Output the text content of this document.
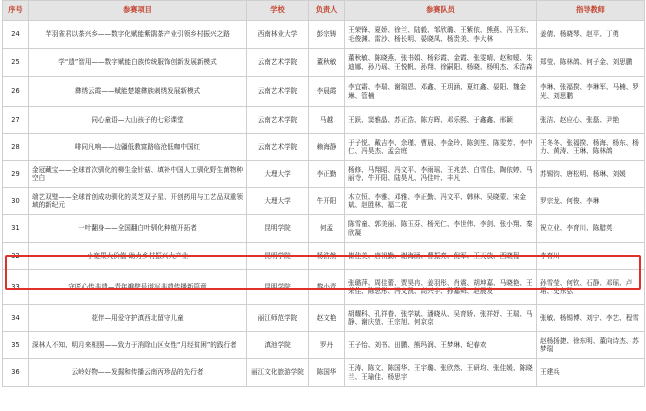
序号	参赛项目	学校	负责人	参赛队员	指导教师
24	芊羽雀君以茶兴乡——数字化赋能紫鹃茶产业引领乡村振兴之路	西南林业大学	彭宗铸	王荣锋、夏娇、徐兰、陆毅、邹欣璐、王紫依、熊燕、冯玉东、毛俊渊、雷沙、杨长明、晏晓凤、杨贵美、李大林	姜倩、杨晓琴、赵平、丁勇
25	学“遗”智用——数字赋能白族传统服饰创新发展新模式	云南艺术学院	董秋敏	董秋敏、陈晓燕、张书娟、杨彩霞、金霞、张雯晴、赵和嫒、朱迪娜、孙乃瑶、王悦帆、孙翔、徐嗣阳、杨晓、杨明杰、禾浩森	郑莹、陈林鸽、何子金、刘思鹏
26	彝绣云霞——赋能楚雄彝族刺绣发展新模式	云南艺术学院	李晨霞	李宜霜、李瑞、谢瑞恩、邓鑫、王玥涵、夏红鑫、晏阳、魏金琳、管楠	李琳、张福揆、李琳军、马楠、罗光、刘思鹏
27	同心童语—大山孩子的七彩课堂	云南艺术学院	马越	王跃、窦雅晶、苏正浩、陈方晖、邓乐熙、于鑫鑫、邢颖	张洁、赵应心、张磊、尹艳
28	啡同凡响——边疆低教富路临沧低咖中国红	云南艺术学院	赖海静	于子悦、戴吉李、余瑾、曹晨、李金玲、陈剑笙、陈雯芳、李中仁、冯昊杰、孟会庭	王冬冬、张福揆、杨海、杨东、杨力、黄涛、王琳、陈林鸽
29	金冠藏宝——全球首次驯化的柳生金针菇、填补中国人工驯化野生菌物种空白	大理大学	李正勤	杨修、马翔昭、冯文平、李雨瑶、王兆芸、白雪佳、陶依婷、马丽寺、牛开阳、陆昊凡、冯佳叶、丰凡	苏锡钧、唐松明、杨琳、刘媛
30	端艺双璧——全球首创成功驯化的灵芝双子星、开创药用与工艺品双重领域的新纪元	大理大学	牛开阳	木立恒、李雅、邓雅、李正勤、冯文平、韩林、吴晓蒙、宋金斌、赵胜林、福二花	罗宗龙、何俊、李琳
31	一叶翻身——全国翻白叶驯化种植开拓者	昆明学院	何孟	陈雪童、郭美丽、陈玉芬、杨光仁、李世伟、李剑、张小翔、秦欣凝	祝立业、李育川、陈腊英
32	小宽果大价值-助力乡村振兴大产业	昆明学院	杨浩然	崔佳美、唐祖勤、谢海涵、曹振亮、倪军、王天放、西晓程	李育川
33	守匠心传非遗—青年瓣壁号谱写非遗传播新篇章	昆明学院	黎小青	张璐萍、周佳蕾、贾昊冉、姜羽彤、肖震、胡坤嘉、马晓艳、王荣佳、陈思彤、冯文凯、高兴宇、孙嘉舜、赵晨发	孙雪莹、何钦、石静、邓瑶、卢珺、史东弘
34	花伴—用爱守护滇西北留守儿童	丽江师范学院	赵文艳	胡耀科、孔祥眷、张学斌、潘晓从、吴育娇、张祥妤、王瑞、马静、谢庆堃、王宗旭、何京京	张敏、杨锡博、刘宁、李艺、程雪
35	深林人不知、明月来相照——致力于消除山区女性“月经贫困”的践行者	滇池学院	罗丹	王子怡、刘书、田鹏、熊玛润、王梦琳、纪春欢	赵杨扬捷、徐东明、董向诗杰、苏梦瑞
36	云岭好物——发掘和传播云南丙珍品的先行者	丽江文化旅游学院	陈国华	王涛、陈文、陈国华、王宇璐、张欣然、王研均、张佳媛、陈晓兰、王瑜佳、杨思宇	王建兵
